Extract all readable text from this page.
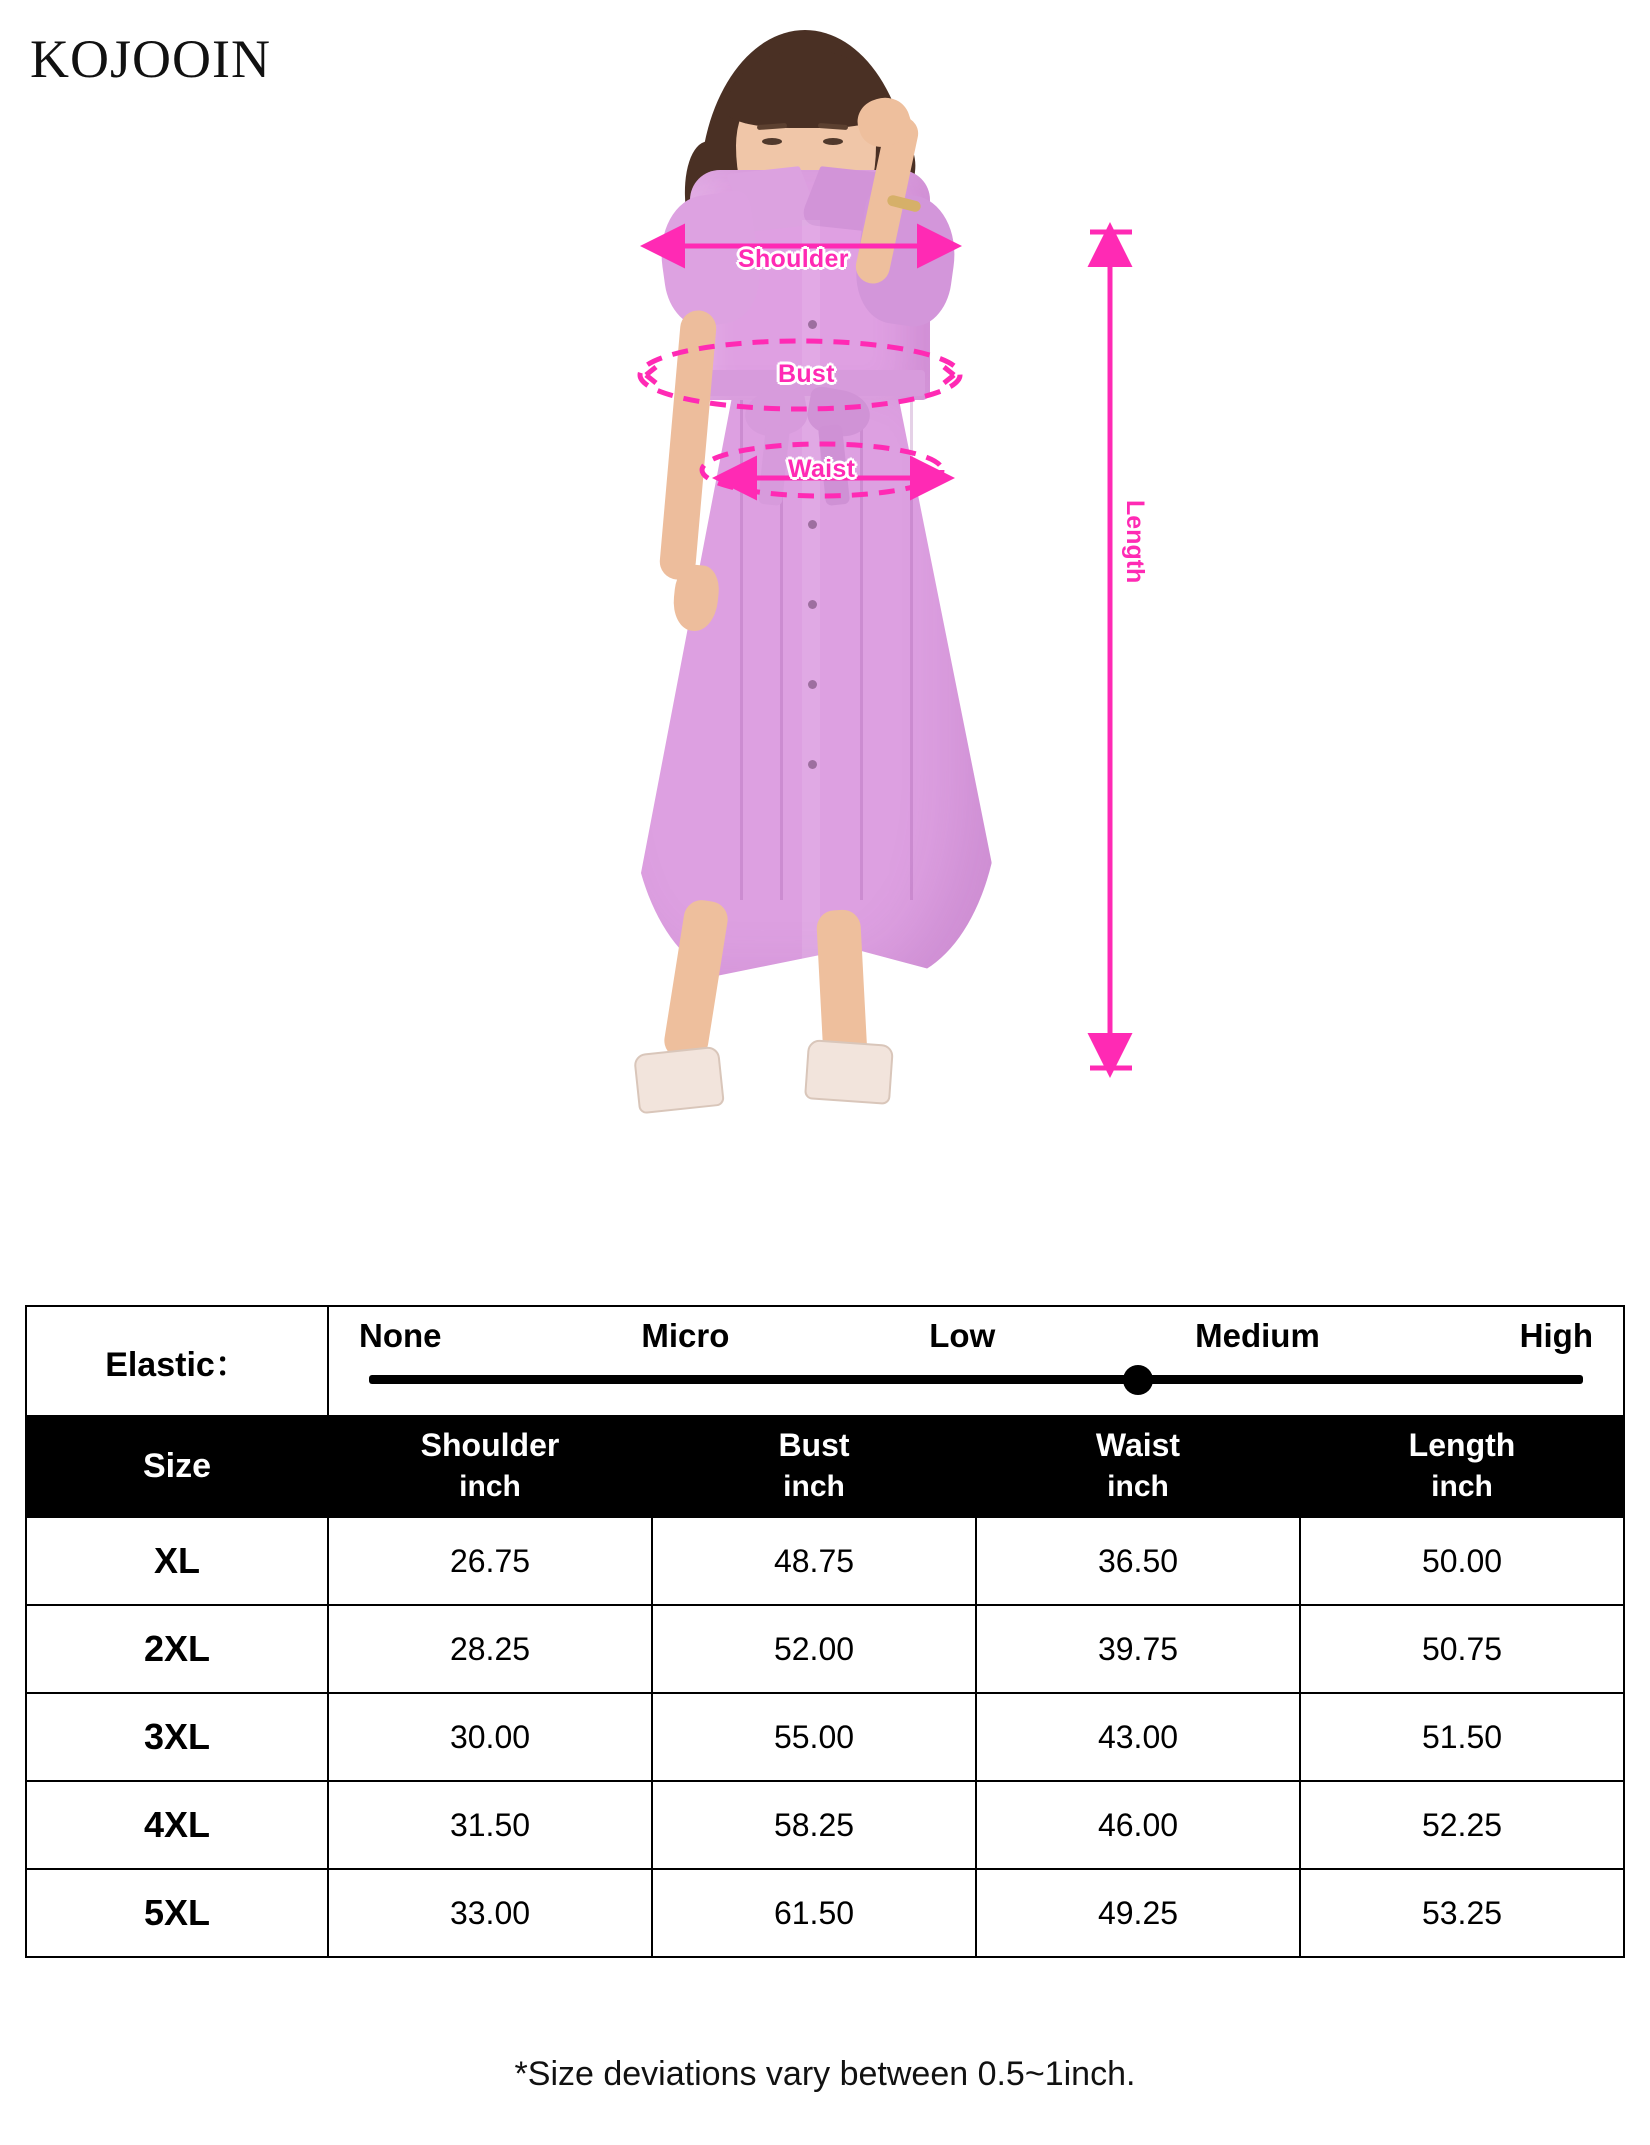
KOJOOIN
Shoulder
Bust
Waist
Length
Elastic：	None Micro Low Medium High			

Size	Shoulder	Bust	Waist	Length
	inch	inch	inch	inch
XL	26.75	48.75	36.50	50.00
2XL	28.25	52.00	39.75	50.75
3XL	30.00	55.00	43.00	51.50
4XL	31.50	58.25	46.00	52.25
5XL	33.00	61.50	49.25	53.25
*Size deviations vary between 0.5~1inch.
